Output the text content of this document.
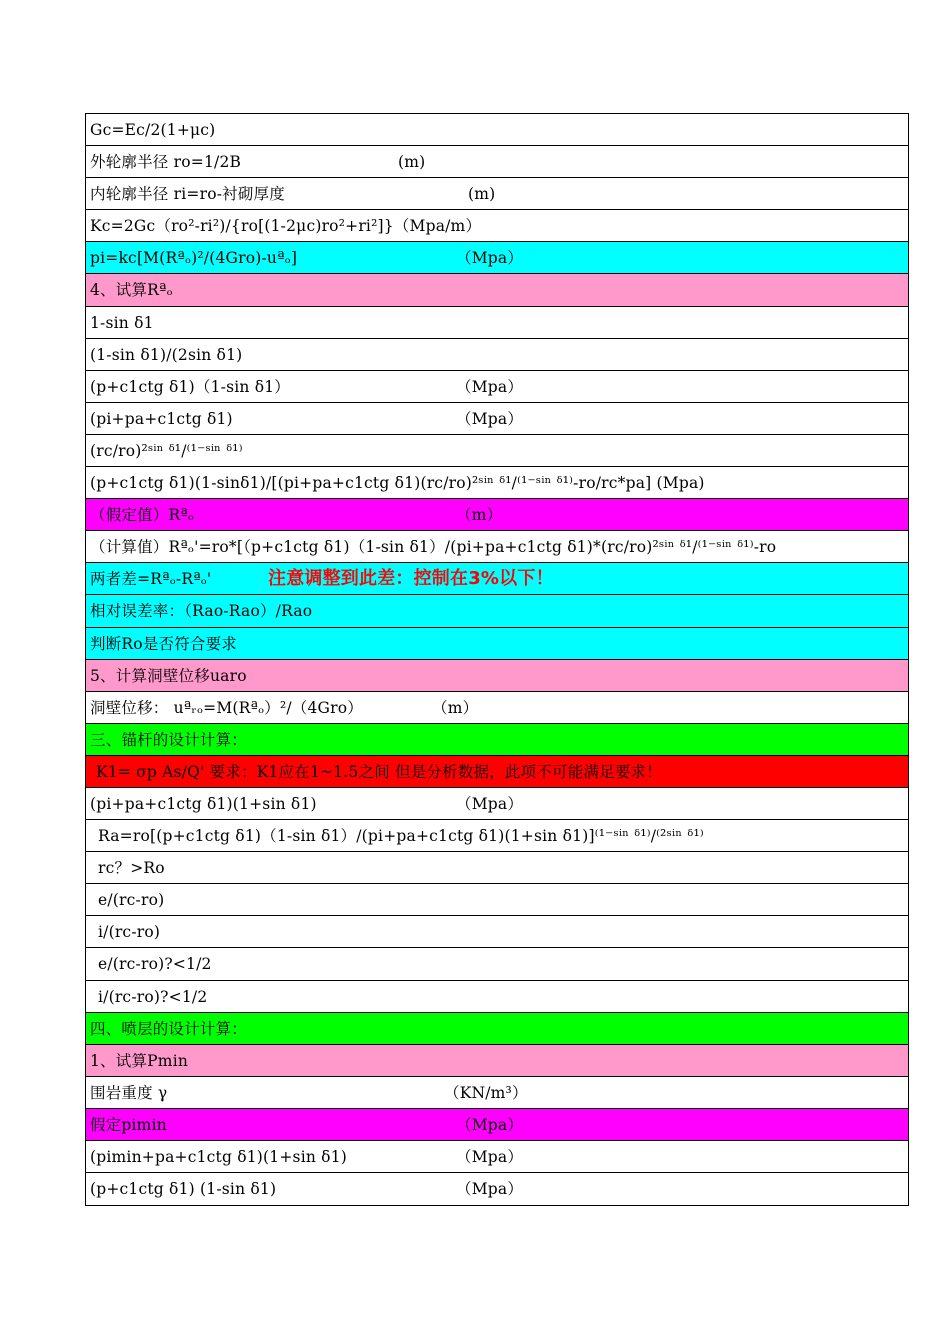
Gc=Ec/2(1+μc)
外轮廓半径 ro=1/2B	(m)
内轮廓半径 ri=ro-衬砌厚度	(m)
Kc=2Gc（ro²-ri²)/{ro[(1-2μc)ro²+ri²]}（Mpa/m）
pi=kc[M(Rªₒ)²/(4Gro)-uªₒ]	（Mpa）
4、试算Rªₒ
1-sin δ1
(1-sin δ1)/(2sin δ1)
(p+c1ctg δ1)（1-sin δ1）	（Mpa）
(pi+pa+c1ctg δ1)	（Mpa）
(rc/ro)²ˢⁱⁿ ᵟ¹/⁽¹⁻ˢⁱⁿ ᵟ¹⁾
(p+c1ctg δ1)(1-sinδ1)/[(pi+pa+c1ctg δ1)(rc/ro)²ˢⁱⁿ ᵟ¹/⁽¹⁻ˢⁱⁿ ᵟ¹⁾-ro/rc*pa] (Mpa)
（假定值）Rªₒ	（m）
（计算值）Rªₒ'=ro*[（p+c1ctg δ1)（1-sin δ1）/(pi+pa+c1ctg δ1)*(rc/ro)²ˢⁱⁿ ᵟ¹/⁽¹⁻ˢⁱⁿ ᵟ¹⁾-ro
两者差=Rªₒ-Rªₒ'	注意调整到此差：控制在3%以下！
相对误差率：（Rao-Rao）/Rao
判断Ro是否符合要求
5、计算洞壁位移uaro
洞壁位移： uªᵣₒ=M(Rªₒ）²/（4Gro）	（m）
三、锚杆的设计计算：
K1= σp As/Q' 要求：K1应在1~1.5之间 但是分析数据，此项不可能满足要求！
(pi+pa+c1ctg δ1)(1+sin δ1)	（Mpa）
Ra=ro[(p+c1ctg δ1)（1-sin δ1）/(pi+pa+c1ctg δ1)(1+sin δ1)]⁽¹⁻ˢⁱⁿ ᵟ¹⁾/⁽²ˢⁱⁿ ᵟ¹⁾
rc？>Ro
e/(rc-ro)
i/(rc-ro)
e/(rc-ro)?<1/2
i/(rc-ro)?<1/2
四、喷层的设计计算：
1、试算Pmin
围岩重度 γ	（KN/m³）
假定pimin	（Mpa）
(pimin+pa+c1ctg δ1)(1+sin δ1)	（Mpa）
(p+c1ctg δ1) (1-sin δ1)	（Mpa）
